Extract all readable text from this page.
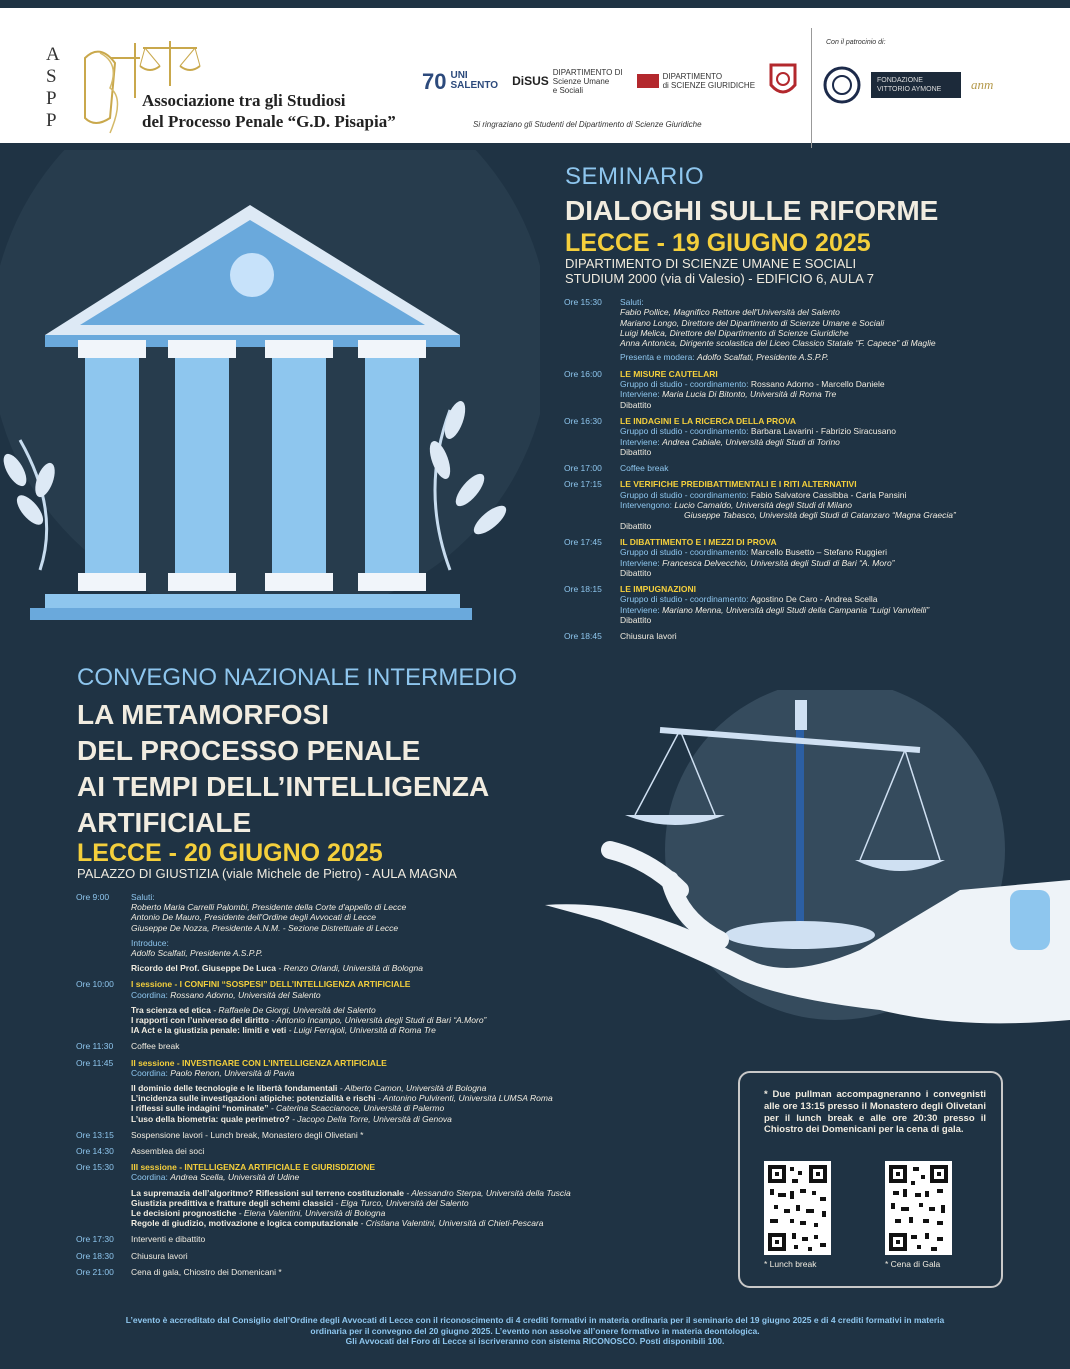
A
S
P
P
Associazione tra gli Studiosi
del Processo Penale “G.D. Pisapia”
70 UNI
SALENTO DiSUS
DIPARTIMENTO DI
Scienze Umane
e Sociali
DIPARTIMENTO
di SCIENZE GIURIDICHE
Si ringraziano gli Studenti del Dipartimento di Scienze Giuridiche
Con il patrocinio di:
FONDAZIONE
VITTORIO AYMONE	anm
SEMINARIO
DIALOGHI SULLE RIFORME
LECCE - 19 GIUGNO 2025
DIPARTIMENTO DI SCIENZE UMANE E SOCIALI
STUDIUM 2000 (via di Valesio) - EDIFICIO 6, AULA 7
Ore 15:30	Saluti:
Fabio Pollice, Magnifico Rettore dell'Università del Salento
Mariano Longo, Direttore del Dipartimento di Scienze Umane e Sociali
Luigi Melica, Direttore del Dipartimento di Scienze Giuridiche
Anna Antonica, Dirigente scolastica del Liceo Classico Statale “F. Capece” di Maglie
Presenta e modera: Adolfo Scalfati, Presidente A.S.P.P.
Ore 16:00	LE MISURE CAUTELARI
Gruppo di studio - coordinamento: Rossano Adorno - Marcello Daniele
Interviene: Maria Lucia Di Bitonto, Università di Roma Tre
Dibattito
Ore 16:30	LE INDAGINI E LA RICERCA DELLA PROVA
Gruppo di studio - coordinamento: Barbara Lavarini - Fabrizio Siracusano
Interviene: Andrea Cabiale, Università degli Studi di Torino
Dibattito
Ore 17:00	Coffee break
Ore 17:15	LE VERIFICHE PREDIBATTIMENTALI E I RITI ALTERNATIVI
Gruppo di studio - coordinamento: Fabio Salvatore Cassibba - Carla Pansini
Intervengono: Lucio Camaldo, Università degli Studi di Milano
Giuseppe Tabasco, Università degli Studi di Catanzaro “Magna Graecia”
Dibattito
Ore 17:45	IL DIBATTIMENTO E I MEZZI DI PROVA
Gruppo di studio - coordinamento: Marcello Busetto – Stefano Ruggieri
Interviene: Francesca Delvecchio, Università degli Studi di Bari “A. Moro”
Dibattito
Ore 18:15	LE IMPUGNAZIONI
Gruppo di studio - coordinamento: Agostino De Caro - Andrea Scella
Interviene: Mariano Menna, Università degli Studi della Campania “Luigi Vanvitelli”
Dibattito
Ore 18:45	Chiusura lavori
CONVEGNO NAZIONALE INTERMEDIO
LA METAMORFOSI
DEL PROCESSO PENALE
AI TEMPI DELL’INTELLIGENZA
ARTIFICIALE
LECCE - 20 GIUGNO 2025
PALAZZO DI GIUSTIZIA (viale Michele de Pietro) - AULA MAGNA
Ore 9:00	Saluti:
Roberto Maria Carrelli Palombi, Presidente della Corte d'appello di Lecce
Antonio De Mauro, Presidente dell'Ordine degli Avvocati di Lecce
Giuseppe De Nozza, Presidente A.N.M. - Sezione Distrettuale di Lecce
Introduce:
Adolfo Scalfati, Presidente A.S.P.P.
Ricordo del Prof. Giuseppe De Luca - Renzo Orlandi, Università di Bologna
Ore 10:00	I sessione - I CONFINI “SOSPESI” DELL’INTELLIGENZA ARTIFICIALE
Coordina: Rossano Adorno, Università del Salento
Tra scienza ed etica - Raffaele De Giorgi, Università del Salento
I rapporti con l’universo del diritto - Antonio Incampo, Università degli Studi di Bari “A.Moro”
IA Act e la giustizia penale: limiti e veti - Luigi Ferrajoli, Università di Roma Tre
Ore 11:30	Coffee break
Ore 11:45	II sessione - INVESTIGARE CON L’INTELLIGENZA ARTIFICIALE
Coordina: Paolo Renon, Università di Pavia
Il dominio delle tecnologie e le libertà fondamentali - Alberto Camon, Università di Bologna
L’incidenza sulle investigazioni atipiche: potenzialità e rischi - Antonino Pulvirenti, Università LUMSA Roma
I riflessi sulle indagini “nominate” - Caterina Scaccianoce, Università di Palermo
L’uso della biometria: quale perimetro? - Jacopo Della Torre, Università di Genova
Ore 13:15	Sospensione lavori - Lunch break, Monastero degli Olivetani *
Ore 14:30	Assemblea dei soci
Ore 15:30	III sessione - INTELLIGENZA ARTIFICIALE E GIURISDIZIONE
Coordina: Andrea Scella, Università di Udine
La supremazia dell’algoritmo? Riflessioni sul terreno costituzionale - Alessandro Sterpa, Università della Tuscia
Giustizia predittiva e fratture degli schemi classici - Elga Turco, Università del Salento
Le decisioni prognostiche - Elena Valentini, Università di Bologna
Regole di giudizio, motivazione e logica computazionale - Cristiana Valentini, Università di Chieti-Pescara
Ore 17:30	Interventi e dibattito
Ore 18:30	Chiusura lavori
Ore 21:00	Cena di gala, Chiostro dei Domenicani *
* Due pullman accompagneranno i convegnisti alle ore 13:15 presso il Monastero degli Olivetani per il lunch break e alle ore 20:30 presso il Chiostro dei Domenicani per la cena di gala.
* Lunch break	* Cena di Gala
L’evento è accreditato dal Consiglio dell’Ordine degli Avvocati di Lecce con il riconoscimento di 4 crediti formativi in materia ordinaria per il seminario del 19 giugno 2025 e di 4 crediti formativi in materia
ordinaria per il convegno del 20 giugno 2025. L’evento non assolve all’onere formativo in materia deontologica.
Gli Avvocati del Foro di Lecce si iscriveranno con sistema RICONOSCO. Posti disponibili 100.
